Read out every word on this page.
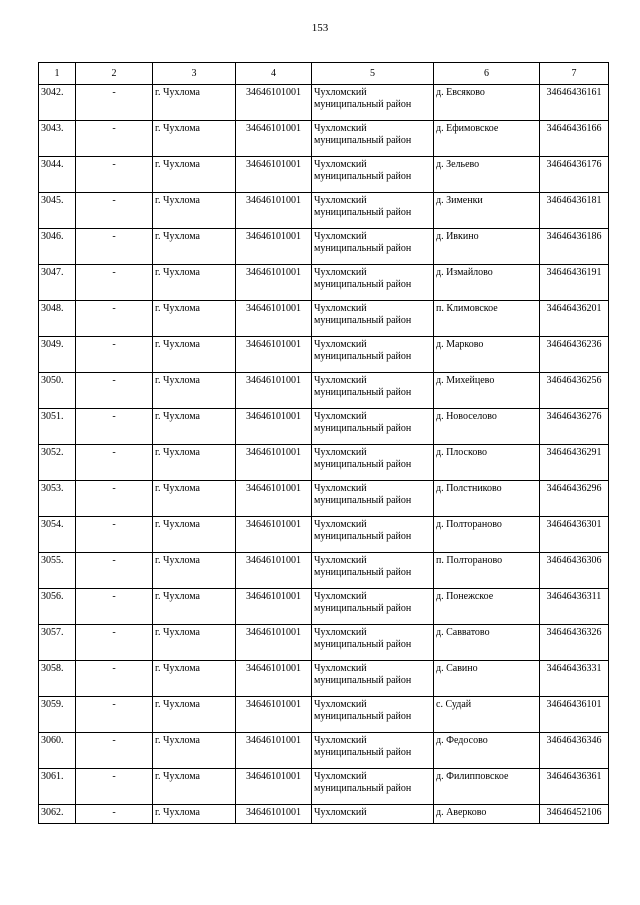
153
1	2	3	4	5	6	7
3042.	-	г. Чухлома	34646101001	Чухломский муниципальный район	д. Евсяково	34646436161
3043.	-	г. Чухлома	34646101001	Чухломский муниципальный район	д. Ефимовское	34646436166
3044.	-	г. Чухлома	34646101001	Чухломский муниципальный район	д. Зельево	34646436176
3045.	-	г. Чухлома	34646101001	Чухломский муниципальный район	д. Зименки	34646436181
3046.	-	г. Чухлома	34646101001	Чухломский муниципальный район	д. Ивкино	34646436186
3047.	-	г. Чухлома	34646101001	Чухломский муниципальный район	д. Измайлово	34646436191
3048.	-	г. Чухлома	34646101001	Чухломский муниципальный район	п. Климовское	34646436201
3049.	-	г. Чухлома	34646101001	Чухломский муниципальный район	д. Марково	34646436236
3050.	-	г. Чухлома	34646101001	Чухломский муниципальный район	д. Михейцево	34646436256
3051.	-	г. Чухлома	34646101001	Чухломский муниципальный район	д. Новоселово	34646436276
3052.	-	г. Чухлома	34646101001	Чухломский муниципальный район	д. Плосково	34646436291
3053.	-	г. Чухлома	34646101001	Чухломский муниципальный район	д. Полстниково	34646436296
3054.	-	г. Чухлома	34646101001	Чухломский муниципальный район	д. Полтораново	34646436301
3055.	-	г. Чухлома	34646101001	Чухломский муниципальный район	п. Полтораново	34646436306
3056.	-	г. Чухлома	34646101001	Чухломский муниципальный район	д. Понежское	34646436311
3057.	-	г. Чухлома	34646101001	Чухломский муниципальный район	д. Савватово	34646436326
3058.	-	г. Чухлома	34646101001	Чухломский муниципальный район	д. Савино	34646436331
3059.	-	г. Чухлома	34646101001	Чухломский муниципальный район	с. Судай	34646436101
3060.	-	г. Чухлома	34646101001	Чухломский муниципальный район	д. Федосово	34646436346
3061.	-	г. Чухлома	34646101001	Чухломский муниципальный район	д. Филипповское	34646436361
3062.	-	г. Чухлома	34646101001	Чухломский	д. Аверково	34646452106
